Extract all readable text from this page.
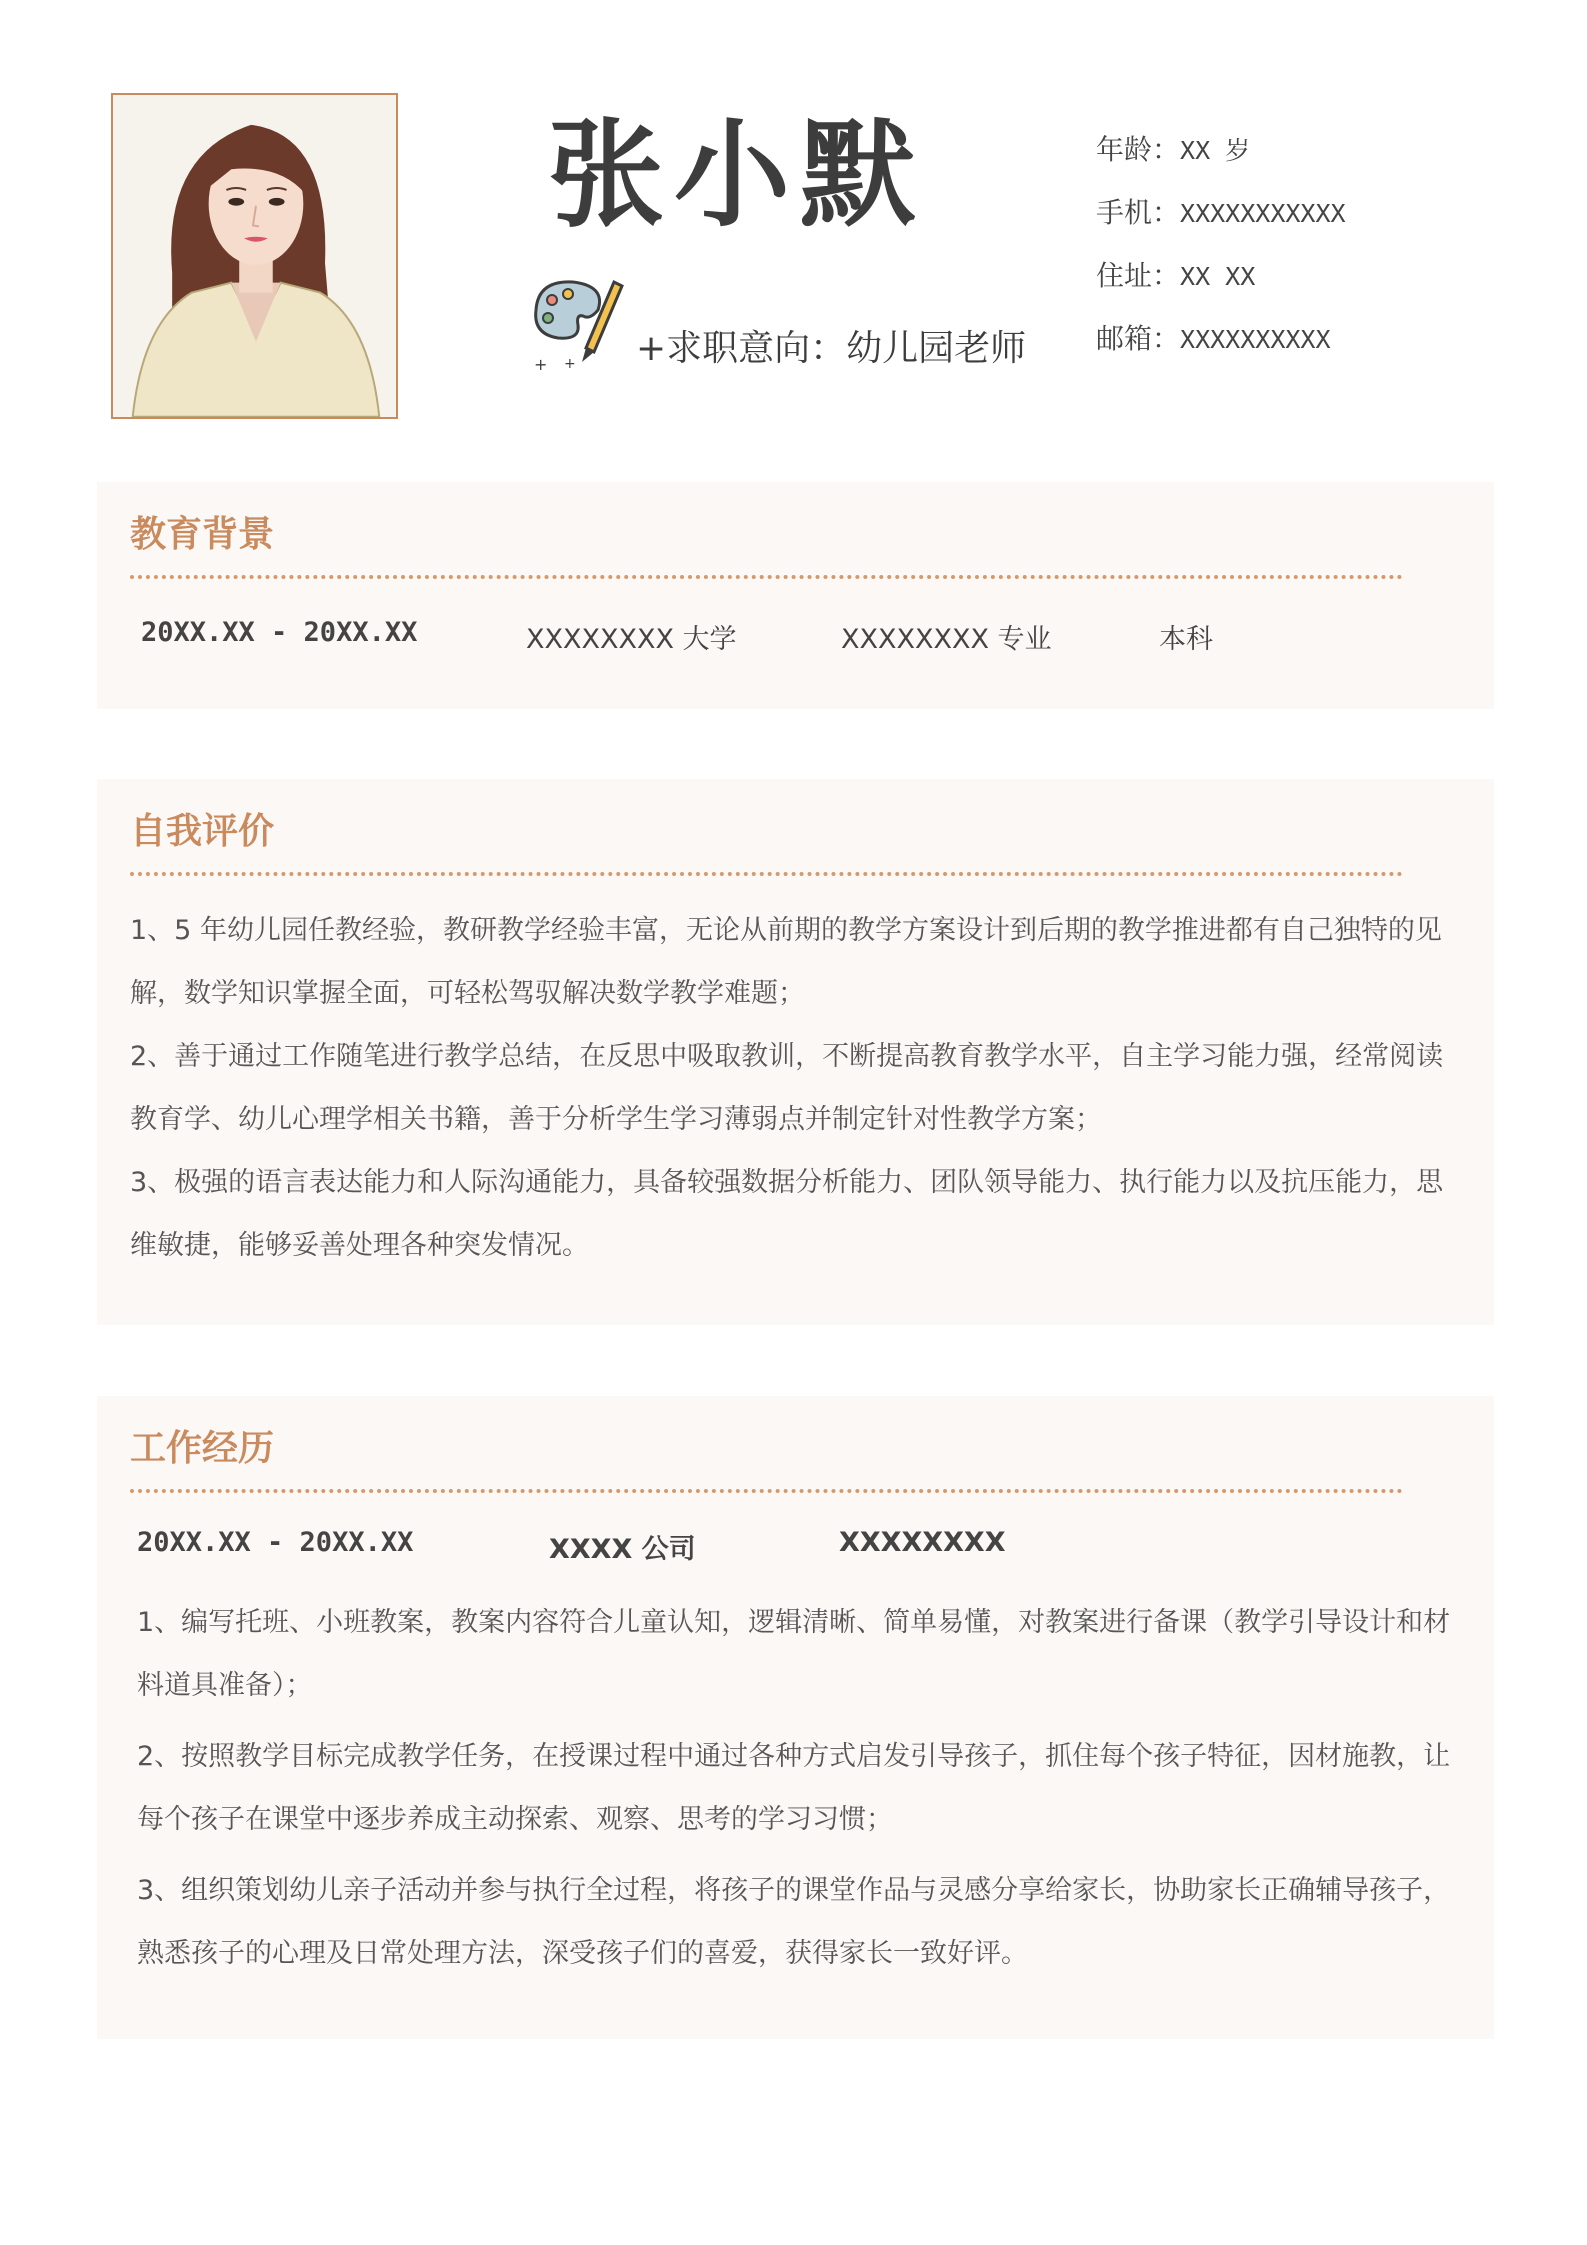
张小默
+ + +求职意向：幼儿园老师
年龄：XX 岁
手机：XXXXXXXXXXX
住址：XX XX
邮箱：XXXXXXXXXX
教育背景
20XX.XX - 20XX.XX	XXXXXXXX 大学	XXXXXXXX 专业	本科
自我评价

1、5 年幼儿园任教经验，教研教学经验丰富，无论从前期的教学方案设计到后期的教学推进都有自己独特的见解，数学知识掌握全面，可轻松驾驭解决数学教学难题；

2、善于通过工作随笔进行教学总结，在反思中吸取教训，不断提高教育教学水平，自主学习能力强，经常阅读教育学、幼儿心理学相关书籍，善于分析学生学习薄弱点并制定针对性教学方案；

3、极强的语言表达能力和人际沟通能力，具备较强数据分析能力、团队领导能力、执行能力以及抗压能力，思维敏捷，能够妥善处理各种突发情况。

工作经历
20XX.XX - 20XX.XX	XXXX 公司	XXXXXXXX

1、编写托班、小班教案，教案内容符合儿童认知，逻辑清晰、简单易懂，对教案进行备课（教学引导设计和材料道具准备）；

2、按照教学目标完成教学任务，在授课过程中通过各种方式启发引导孩子，抓住每个孩子特征，因材施教，让每个孩子在课堂中逐步养成主动探索、观察、思考的学习习惯；

3、组织策划幼儿亲子活动并参与执行全过程，将孩子的课堂作品与灵感分享给家长，协助家长正确辅导孩子，熟悉孩子的心理及日常处理方法，深受孩子们的喜爱，获得家长一致好评。
